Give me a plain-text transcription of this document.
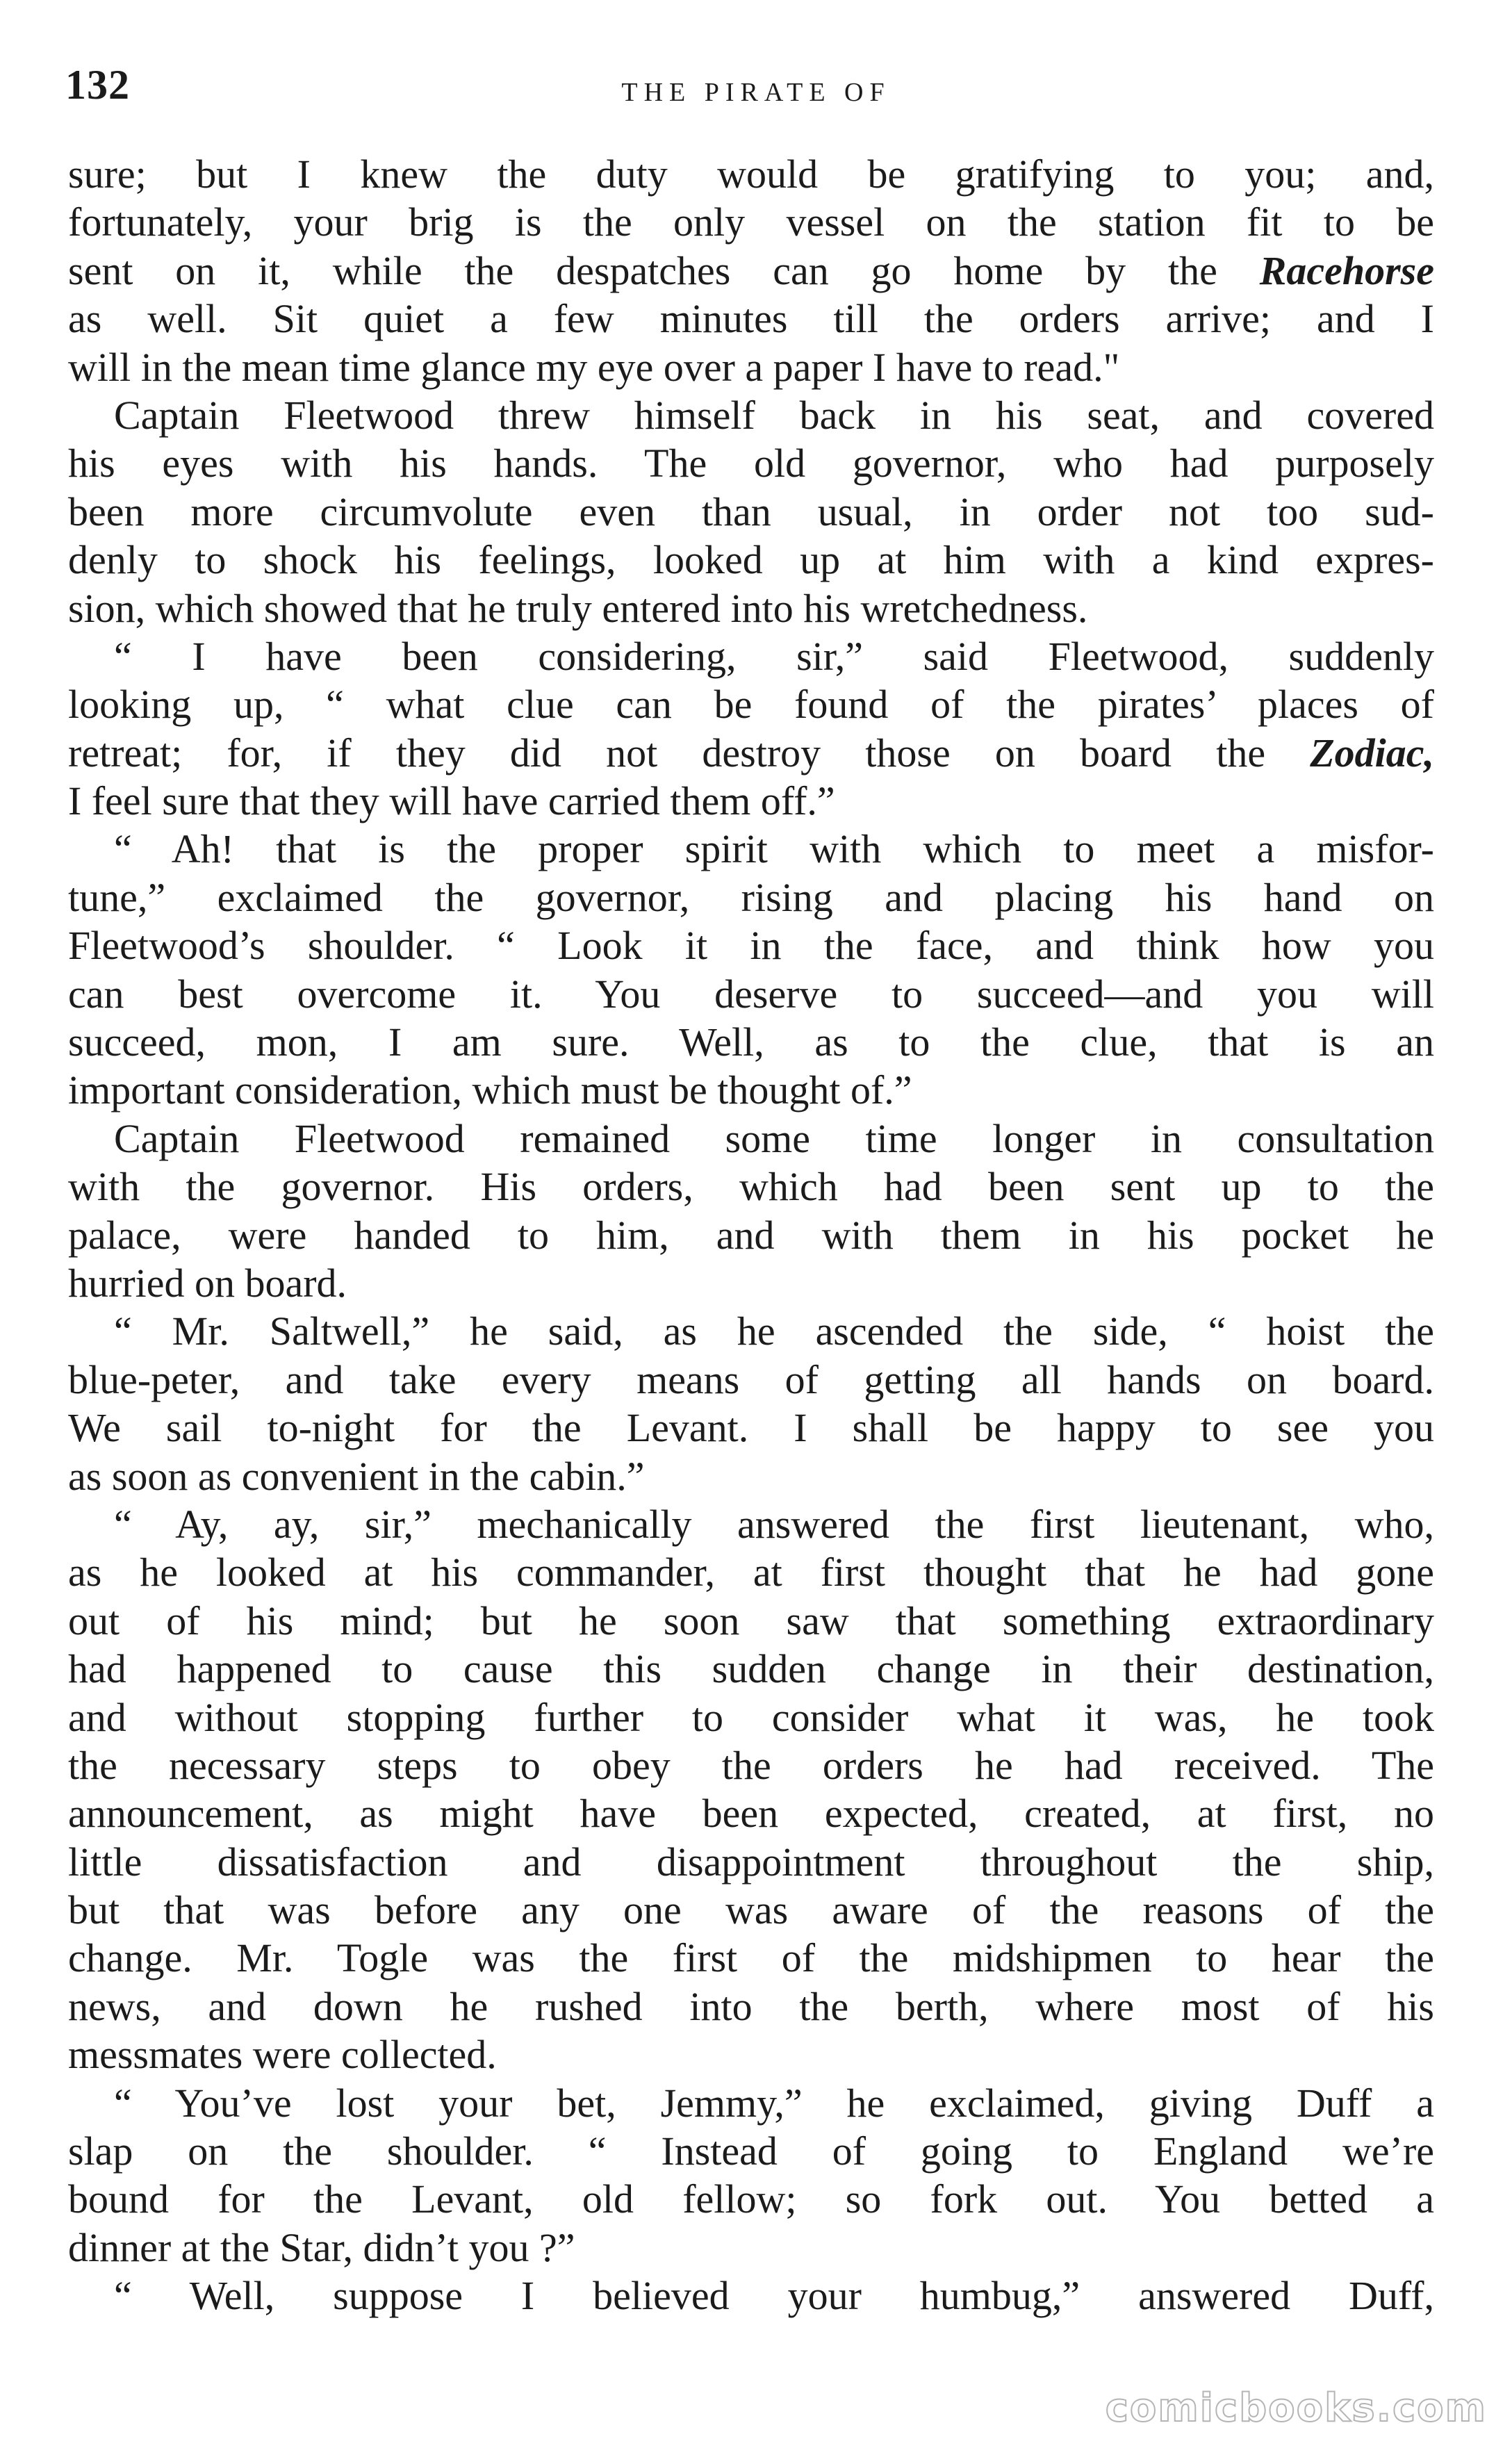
132	THE PIRATE OF
sure; but I knew the duty would be gratifying to you; and,
fortunately, your brig is the only vessel on the station fit to be
sent on it, while the despatches can go home by the Racehorse
as well. Sit quiet a few minutes till the orders arrive; and I
will in the mean time glance my eye over a paper I have to read."
Captain Fleetwood threw himself back in his seat, and covered
his eyes with his hands. The old governor, who had purposely
been more circumvolute even than usual, in order not too sud-
denly to shock his feelings, looked up at him with a kind expres-
sion, which showed that he truly entered into his wretchedness.
“ I have been considering, sir,” said Fleetwood, suddenly
looking up, “ what clue can be found of the pirates’ places of
retreat; for, if they did not destroy those on board the Zodiac,
I feel sure that they will have carried them off.”
“ Ah! that is the proper spirit with which to meet a misfor-
tune,” exclaimed the governor, rising and placing his hand on
Fleetwood’s shoulder. “ Look it in the face, and think how you
can best overcome it. You deserve to succeed—and you will
succeed, mon, I am sure. Well, as to the clue, that is an
important consideration, which must be thought of.”
Captain Fleetwood remained some time longer in consultation
with the governor. His orders, which had been sent up to the
palace, were handed to him, and with them in his pocket he
hurried on board.
“ Mr. Saltwell,” he said, as he ascended the side, “ hoist the
blue-peter, and take every means of getting all hands on board.
We sail to-night for the Levant. I shall be happy to see you
as soon as convenient in the cabin.”
“ Ay, ay, sir,” mechanically answered the first lieutenant, who,
as he looked at his commander, at first thought that he had gone
out of his mind; but he soon saw that something extraordinary
had happened to cause this sudden change in their destination,
and without stopping further to consider what it was, he took
the necessary steps to obey the orders he had received. The
announcement, as might have been expected, created, at first, no
little dissatisfaction and disappointment throughout the ship,
but that was before any one was aware of the reasons of the
change. Mr. Togle was the first of the midshipmen to hear the
news, and down he rushed into the berth, where most of his
messmates were collected.
“ You’ve lost your bet, Jemmy,” he exclaimed, giving Duff a
slap on the shoulder. “ Instead of going to England we’re
bound for the Levant, old fellow; so fork out. You betted a
dinner at the Star, didn’t you ?”
“ Well, suppose I believed your humbug,” answered Duff,
comicbooks.com
